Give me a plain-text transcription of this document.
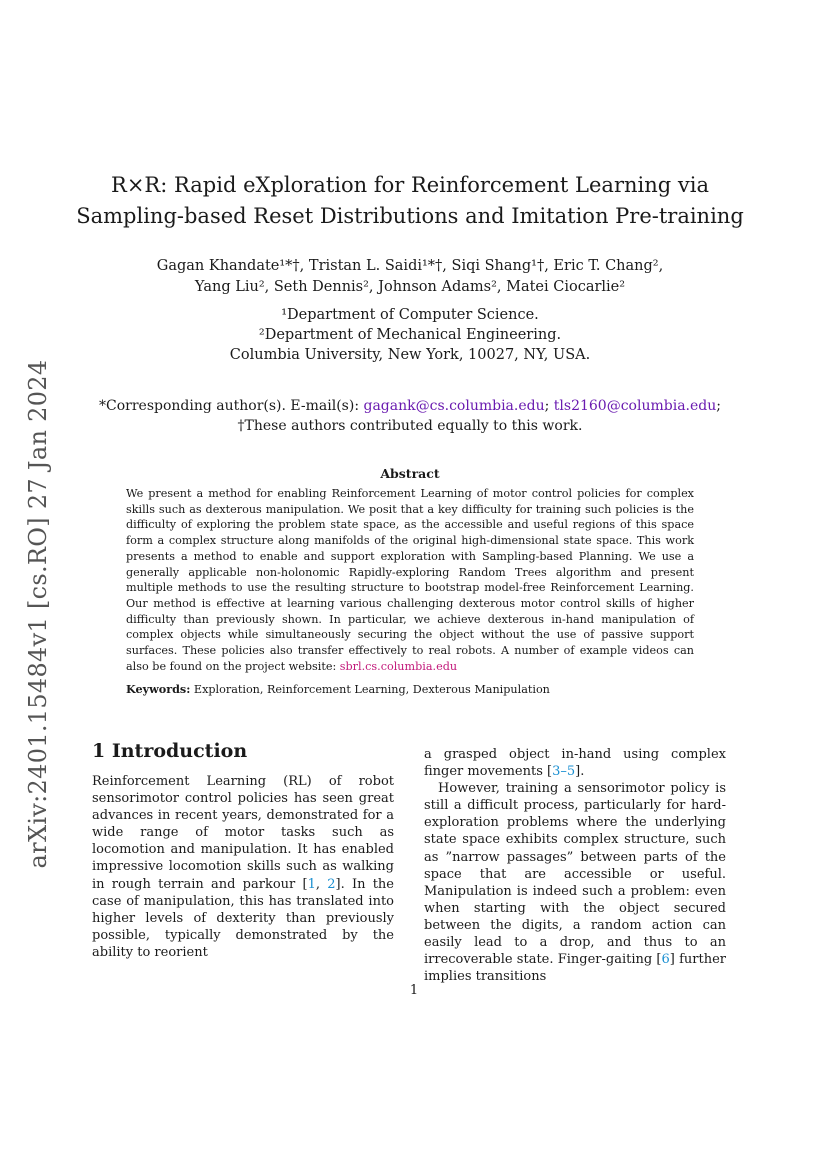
arXiv:2401.15484v1 [cs.RO] 27 Jan 2024
R×R: Rapid eXploration for Reinforcement Learning via
Sampling-based Reset Distributions and Imitation Pre-training
Gagan Khandate¹*†, Tristan L. Saidi¹*†, Siqi Shang¹†, Eric T. Chang²,
Yang Liu², Seth Dennis², Johnson Adams², Matei Ciocarlie²
¹Department of Computer Science.
²Department of Mechanical Engineering.
Columbia University, New York, 10027, NY, USA.
*Corresponding author(s). E-mail(s): gagank@cs.columbia.edu; tls2160@columbia.edu;
†These authors contributed equally to this work.
Abstract
We present a method for enabling Reinforcement Learning of motor control policies for complex skills such as dexterous manipulation. We posit that a key difficulty for training such policies is the difficulty of exploring the problem state space, as the accessible and useful regions of this space form a complex structure along manifolds of the original high-dimensional state space. This work presents a method to enable and support exploration with Sampling-based Planning. We use a generally applicable non-holonomic Rapidly-exploring Random Trees algorithm and present multiple methods to use the resulting structure to bootstrap model-free Reinforcement Learning. Our method is effective at learning various challenging dexterous motor control skills of higher difficulty than previously shown. In particular, we achieve dexterous in-hand manipulation of complex objects while simultaneously securing the object without the use of passive support surfaces. These policies also transfer effectively to real robots. A number of example videos can also be found on the project website: sbrl.cs.columbia.edu
Keywords: Exploration, Reinforcement Learning, Dexterous Manipulation
1 Introduction
Reinforcement Learning (RL) of robot sensorimotor control policies has seen great advances in recent years, demonstrated for a wide range of motor tasks such as locomotion and manipulation. It has enabled impressive locomotion skills such as walking in rough terrain and parkour [1, 2]. In the case of manipulation, this has translated into higher levels of dexterity than previously possible, typically demonstrated by the ability to reorient
a grasped object in-hand using complex finger movements [3–5].
However, training a sensorimotor policy is still a difficult process, particularly for hard-exploration problems where the underlying state space exhibits complex structure, such as ”narrow passages” between parts of the space that are accessible or useful. Manipulation is indeed such a problem: even when starting with the object secured between the digits, a random action can easily lead to a drop, and thus to an irrecoverable state. Finger-gaiting [6] further implies transitions
1
